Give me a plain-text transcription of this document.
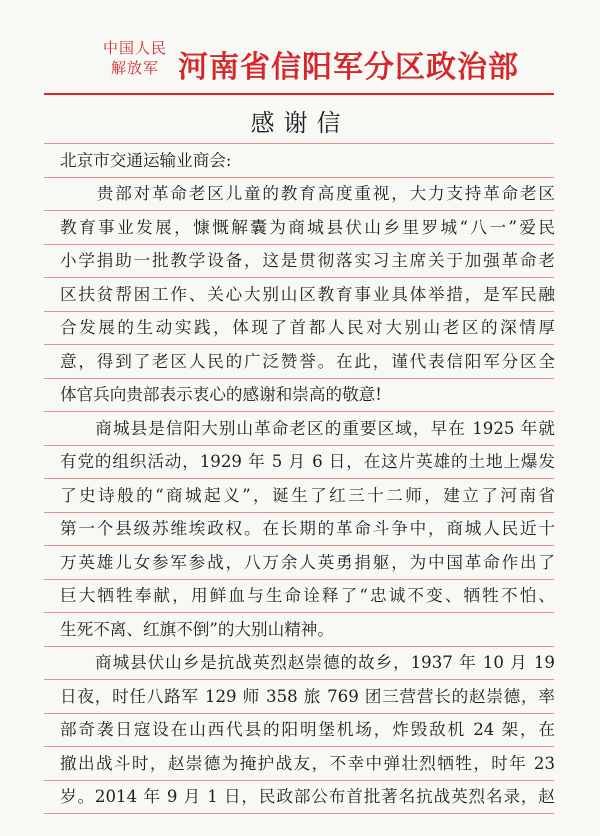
中国人民
解放军 河南省信阳军分区政治部
感谢信
北京市交通运输业商会:
　　贵部对革命老区儿童的教育高度重视，大力支持革命老区
教育事业发展，慷慨解囊为商城县伏山乡里罗城“八一”爱民
小学捐助一批教学设备，这是贯彻落实习主席关于加强革命老
区扶贫帮困工作、关心大别山区教育事业具体举措，是军民融
合发展的生动实践，体现了首都人民对大别山老区的深情厚
意，得到了老区人民的广泛赞誉。在此，谨代表信阳军分区全
体官兵向贵部表示衷心的感谢和崇高的敬意!
　　商城县是信阳大别山革命老区的重要区域，早在 1925 年就
有党的组织活动，1929 年 5 月 6 日，在这片英雄的土地上爆发
了史诗般的“商城起义”，诞生了红三十二师，建立了河南省
第一个县级苏维埃政权。在长期的革命斗争中，商城人民近十
万英雄儿女参军参战，八万余人英勇捐躯，为中国革命作出了
巨大牺牲奉献，用鲜血与生命诠释了“忠诚不变、牺牲不怕、
生死不离、红旗不倒”的大别山精神。
　　商城县伏山乡是抗战英烈赵崇德的故乡，1937 年 10 月 19
日夜，时任八路军 129 师 358 旅 769 团三营营长的赵崇德，率
部奇袭日寇设在山西代县的阳明堡机场，炸毁敌机 24 架，在
撤出战斗时，赵崇德为掩护战友，不幸中弹壮烈牺牲，时年 23
岁。2014 年 9 月 1 日，民政部公布首批著名抗战英烈名录，赵
